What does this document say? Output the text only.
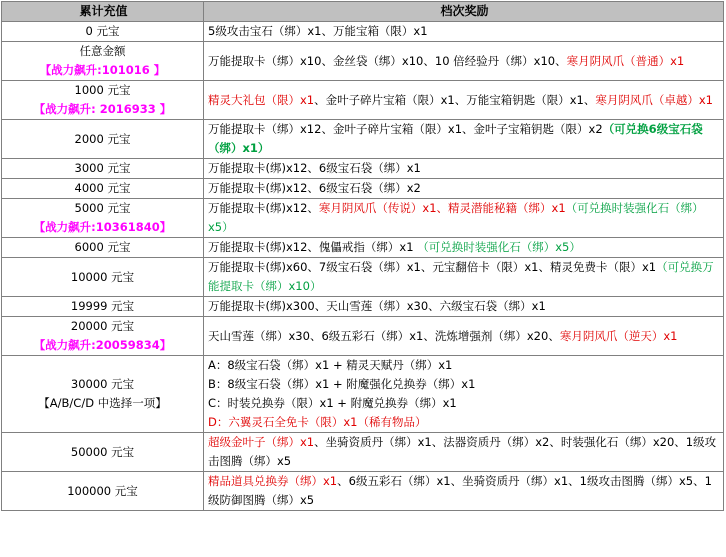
累计充值	档次奖励

0 元宝	5级攻击宝石（绑）x1、万能宝箱（限）x1

任意金额
【战力飙升:101016 】	万能提取卡（绑）x10、金丝袋（绑）x10、10 倍经验丹（绑）x10、寒月阴风爪（普通）x1

1000 元宝
【战力飙升: 2016933 】	精灵大礼包（限）x1、金叶子碎片宝箱（限）x1、万能宝箱钥匙（限）x1、寒月阴风爪（卓越）x1

2000 元宝	万能提取卡（绑）x12、金叶子碎片宝箱（限）x1、金叶子宝箱钥匙（限）x2（可兑换6级宝石袋（绑）x1）

3000 元宝	万能提取卡(绑)x12、6级宝石袋（绑）x1

4000 元宝	万能提取卡(绑)x12、6级宝石袋（绑）x2

5000 元宝
【战力飙升:10361840】	万能提取卡(绑)x12、寒月阴风爪（传说）x1、精灵潜能秘籍（绑）x1（可兑换时装强化石（绑）x5）

6000 元宝	万能提取卡(绑)x12、傀儡戒指（绑）x1 （可兑换时装强化石（绑）x5）

10000 元宝	万能提取卡(绑)x60、7级宝石袋（绑）x1、元宝翻倍卡（限）x1、精灵免费卡（限）x1（可兑换万能提取卡（绑）x10）

19999 元宝	万能提取卡(绑)x300、天山雪莲（绑）x30、六级宝石袋（绑）x1

20000 元宝
【战力飙升:20059834】	天山雪莲（绑）x30、6级五彩石（绑）x1、洗炼增强剂（绑）x20、寒月阴风爪（逆天）x1

30000 元宝
【A/B/C/D 中选择一项】	A：8级宝石袋（绑）x1 + 精灵天赋丹（绑）x1
B：8级宝石袋（绑）x1 + 附魔强化兑换券（绑）x1
C：时装兑换券（限）x1 + 附魔兑换券（绑）x1
D：六翼灵石全免卡（限）x1（稀有物品）

50000 元宝	超级金叶子（绑）x1、坐骑资质丹（绑）x1、法器资质丹（绑）x2、时装强化石（绑）x20、1级攻击图腾（绑）x5

100000 元宝	精品道具兑换券（绑）x1、6级五彩石（绑）x1、坐骑资质丹（绑）x1、1级攻击图腾（绑）x5、1级防御图腾（绑）x5
